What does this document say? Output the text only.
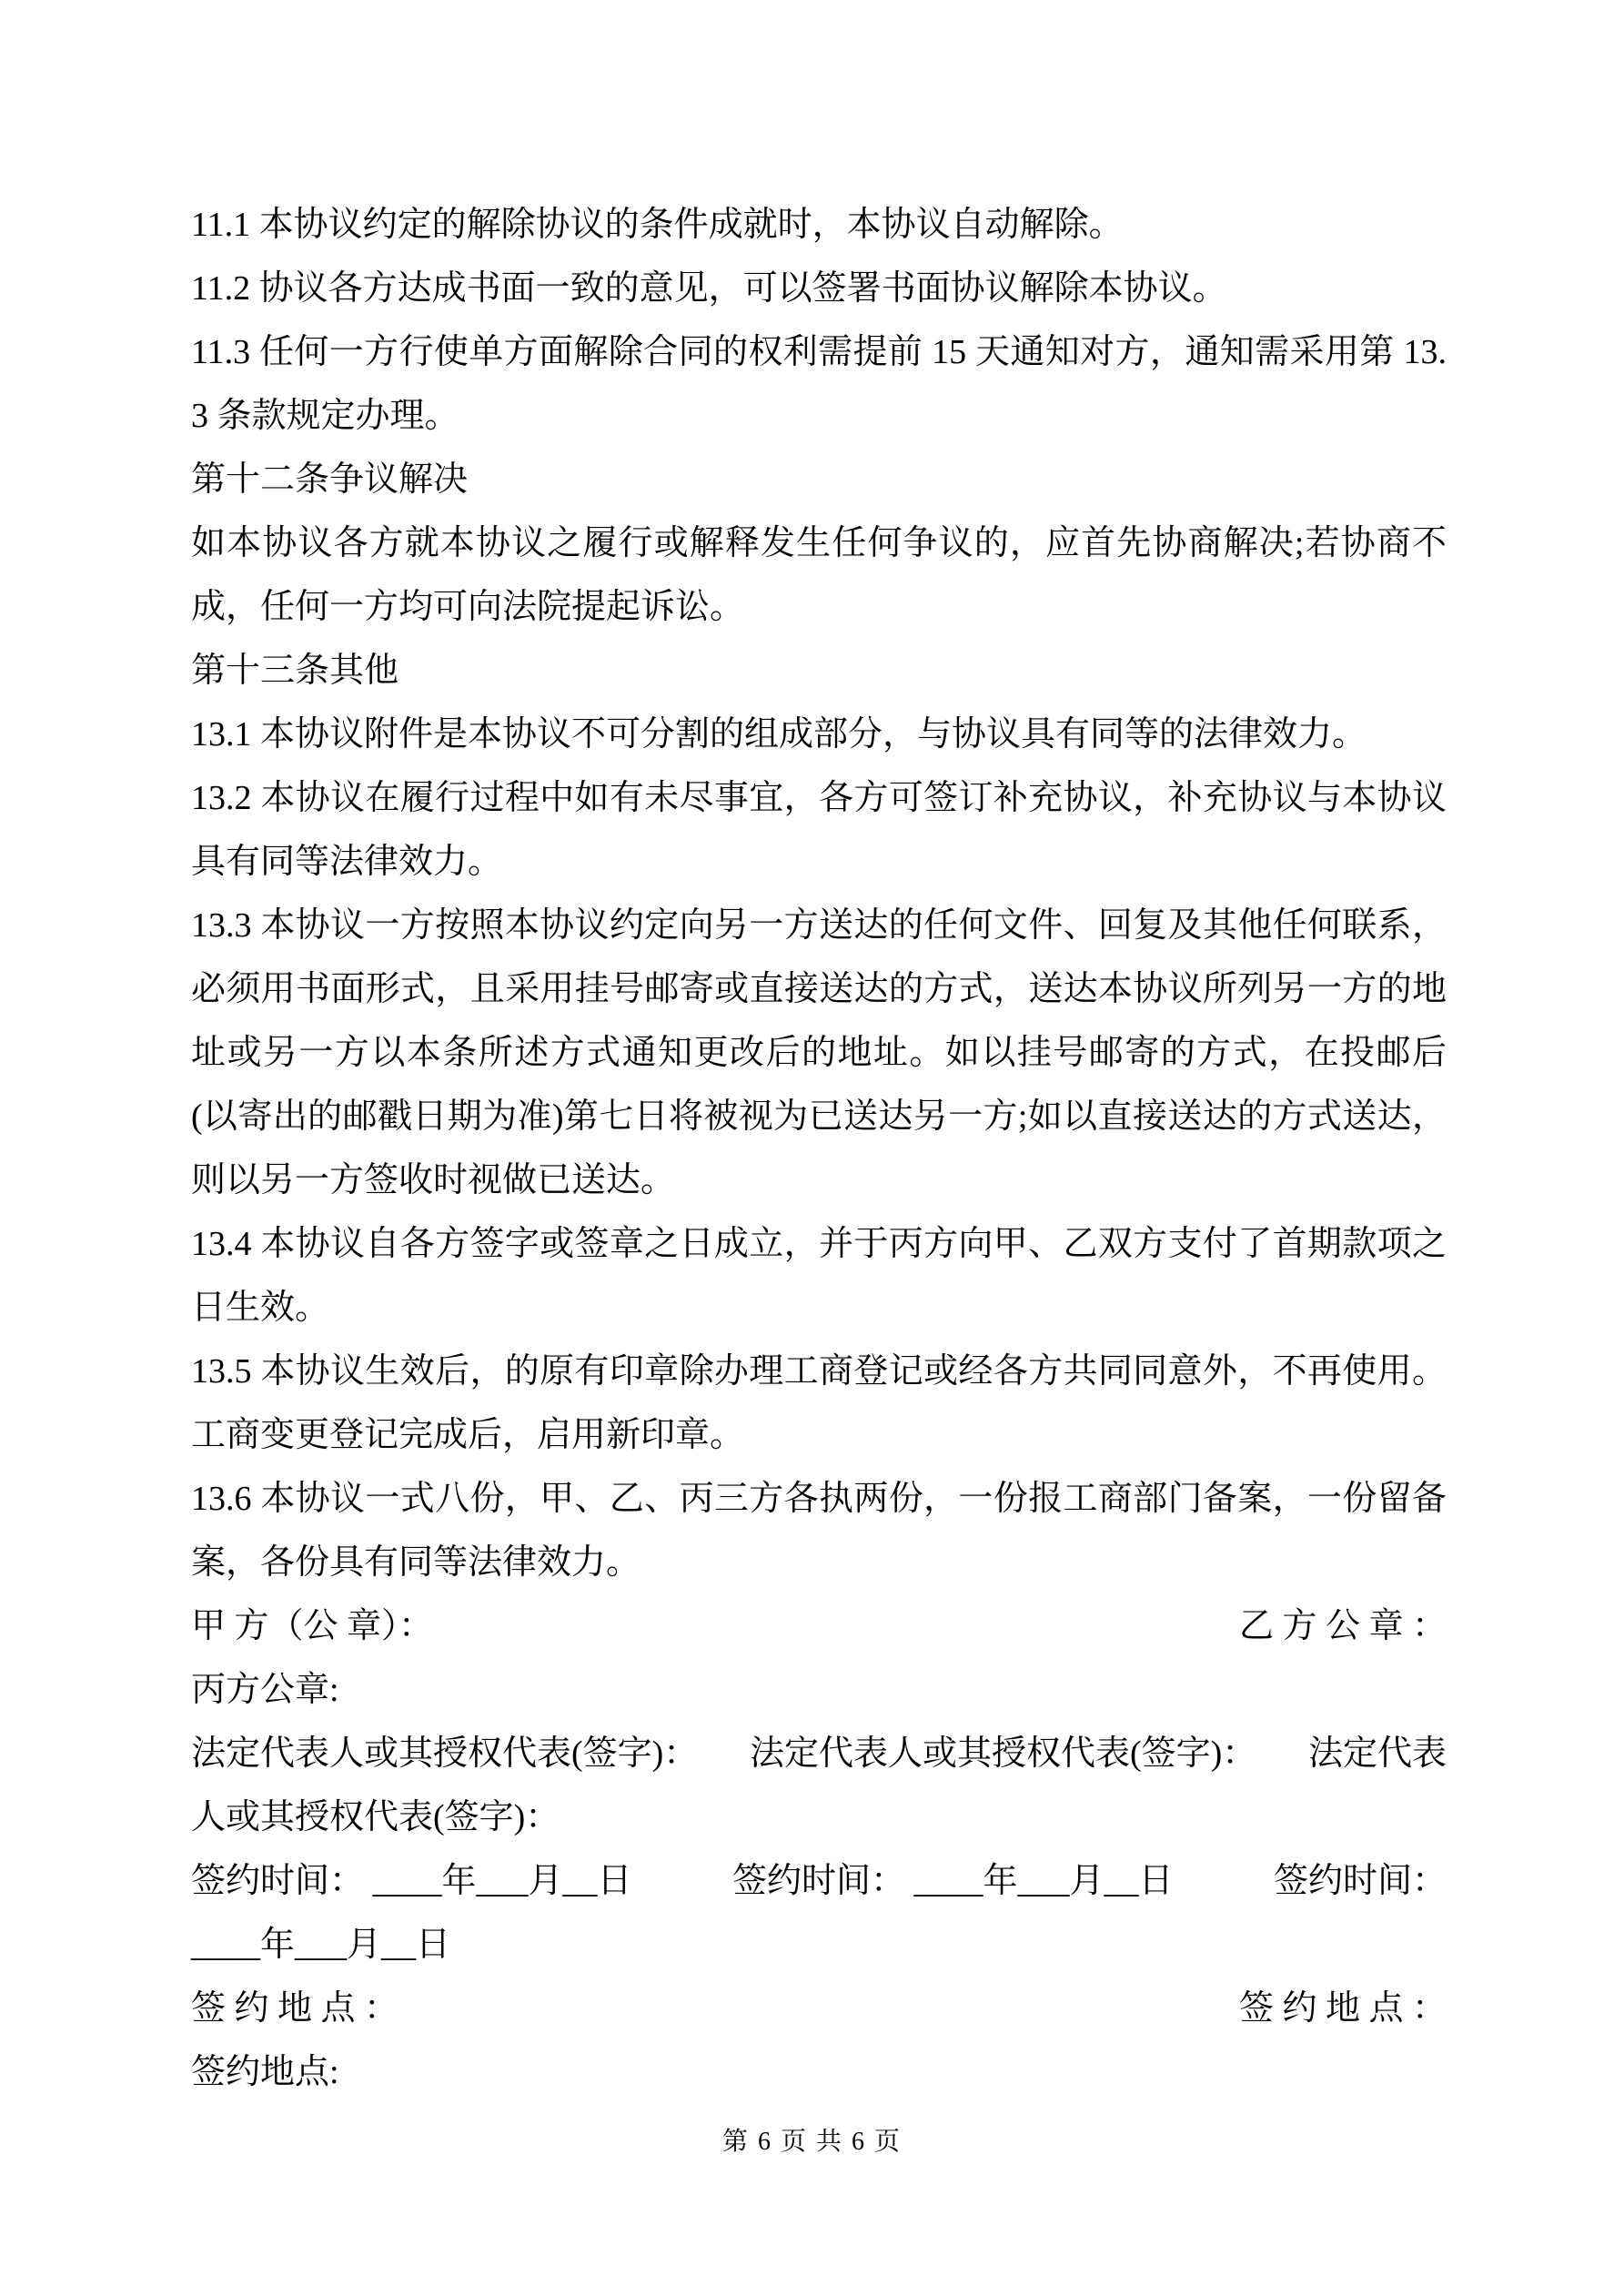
11.1 本协议约定的解除协议的条件成就时，本协议自动解除。

11.2 协议各方达成书面一致的意见，可以签署书面协议解除本协议。

11.3 任何一方行使单方面解除合同的权利需提前 15 天通知对方，通知需采用第 13.3 条款规定办理。

第十二条争议解决

如本协议各方就本协议之履行或解释发生任何争议的，应首先协商解决;若协商不成，任何一方均可向法院提起诉讼。

第十三条其他

13.1 本协议附件是本协议不可分割的组成部分，与协议具有同等的法律效力。

13.2 本协议在履行过程中如有未尽事宜，各方可签订补充协议，补充协议与本协议具有同等法律效力。

13.3 本协议一方按照本协议约定向另一方送达的任何文件、回复及其他任何联系，必须用书面形式，且采用挂号邮寄或直接送达的方式，送达本协议所列另一方的地址或另一方以本条所述方式通知更改后的地址。如以挂号邮寄的方式，在投邮后(以寄出的邮戳日期为准)第七日将被视为已送达另一方;如以直接送达的方式送达，则以另一方签收时视做已送达。

13.4 本协议自各方签字或签章之日成立，并于丙方向甲、乙双方支付了首期款项之日生效。

13.5 本协议生效后，的原有印章除办理工商登记或经各方共同同意外，不再使用。工商变更登记完成后，启用新印章。

13.6 本协议一式八份，甲、乙、丙三方各执两份，一份报工商部门备案，一份留备案，各份具有同等法律效力。

甲 方（公 章）：	乙 方 公 章 ：

丙方公章:

法定代表人或其授权代表(签字)： 法定代表人或其授权代表(签字)： 法定代表

人或其授权代表(签字)：

签约时间： ____年___月__日	签约时间： ____年___月__日	签约时间：

____年___月__日

签 约 地 点 ：	签 约 地 点 ：

签约地点:

第 6 页 共 6 页
